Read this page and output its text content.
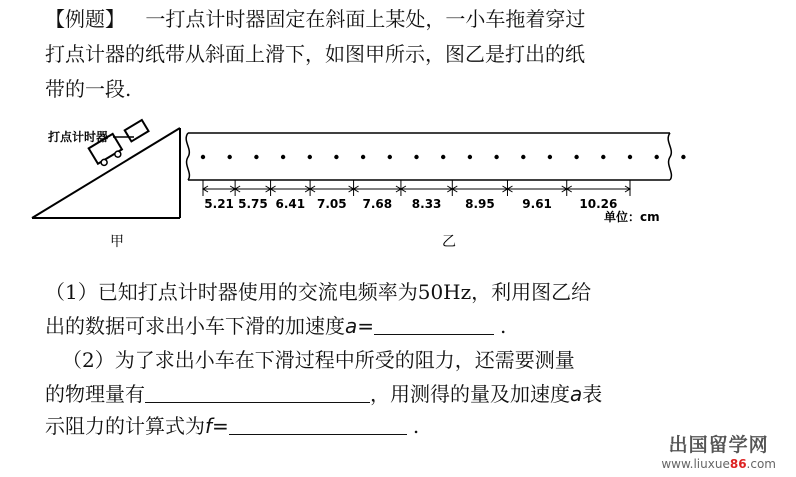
【例题】 一打点计时器固定在斜面上某处，一小车拖着穿过
打点计器的纸带从斜面上滑下，如图甲所示，图乙是打出的纸
带的一段.
打点计时器
甲
5.21 5.75 6.41 7.05 7.68 8.33 8.95 9.61 10.26
单位：cm
乙
（1）已知打点计时器使用的交流电频率为50Hz，利用图乙给
出的数据可求出小车下滑的加速度a=	.
（2）为了求出小车在下滑过程中所受的阻力，还需要测量
的物理量有	，用测得的量及加速度a表
示阻力的计算式为f=	.
出国留学网
www.liuxue86.com
